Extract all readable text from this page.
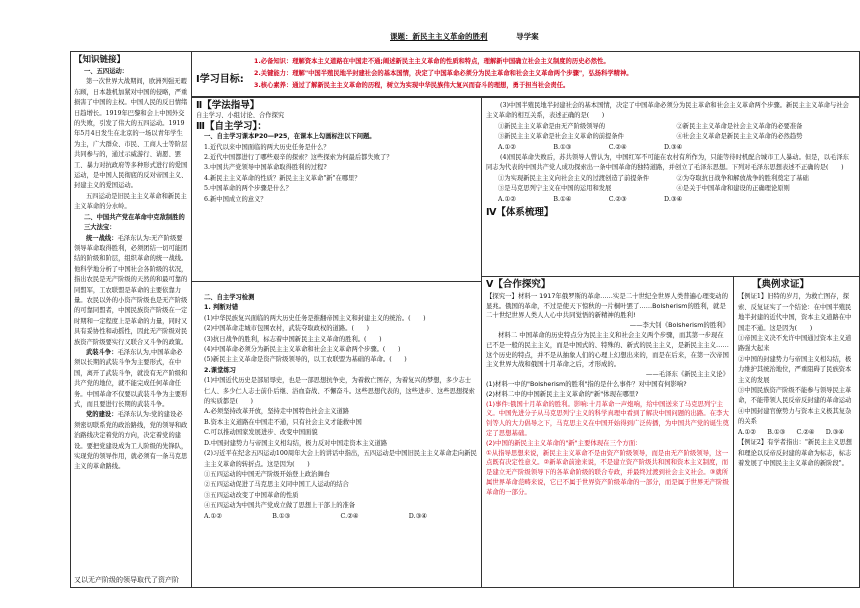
课题：新民主主义革命的胜利	导学案
【知识链接】
一、五四运动：
第一次世界大战期间，欧洲列强无暇东顾，日本趁机加紧对中国的侵略，严重损害了中国的主权。中国人民的反日情绪日趋增长。1919年巴黎和会上中国外交的失败，引发了伟大的五四运动。1919年5月4日发生在北京的一场以青年学生为主，广大群众、市民、工商人士等阶层共同参与的，通过示威游行、请愿、罢工、暴力对抗政府等多种形式进行的爱国运动，是中国人民彻底的反对帝国主义、封建主义的爱国运动。
五四运动是旧民主主义革命和新民主主义革命的分水岭。
二、中国共产党在革命中克敌制胜的三大法宝：
统一战线：毛泽东认为:无产阶级要领导革命取得胜利，必须团结一切可能团结的阶级和阶层，组织革命的统一战线。他科学地分析了中国社会各阶级的状况，指出农民是无产阶级的天然的和最可靠的同盟军，工农联盟是革命的主要依靠力量。农民以外的小资产阶级也是无产阶级的可靠同盟者，中国民族资产阶级在一定时期和一定程度上是革命的力量，同时又具有妥协性和动摇性，因此无产阶级对民族资产阶级要实行又联合又斗争的政策。
武装斗争：毛泽东认为,中国革命必须以长期的武装斗争为主要形式，在中国，离开了武装斗争，就没有无产阶级和共产党的地位，就不能完成任何革命任务。中国革命不仅要以武装斗争为主要形式，而且要进行长期的武装斗争。
党的建设：毛泽东认为:党的建设必须密切联系党的政治路线，党的领导和政治路线决定着党的方向，决定着党的建设。要把党建设成为工人阶级的先锋队，实现党的领导作用，就必须有一条马克思主义的革命路线。
又以无产阶级的领导取代了资产阶
Ⅰ学习目标:
1.必备知识：理解资本主义道路在中国走不通;阐述新民主主义革命的性质和特点，理解新中国确立社会主义制度的历史必然性。
2.关键能力：理解"中国半殖民地半封建社会的基本国情，决定了中国革命必须分为民主革命和社会主义革命两个步骤"，弘扬科学精神。
3.核心素养：通过了解新民主主义革命的历程，树立为实现中华民族伟大复兴而奋斗的理想，勇于担当社会责任。
Ⅱ【学法指导】
自主学习、小组讨论、合作探究
Ⅲ【自主学习】：
一、自主学习课本P20—P25，在课本上勾画标注以下问题。
1.近代以来中国面临的两大历史任务是什么？
2.近代中国都进行了哪些艰辛的探索？这些探索为何最后都失败了？
3.中国共产党领导中国革命取得胜利的过程?
4.新民主主义革命的性质？新民主主义革命"新"在哪里？
5.中国革命的两个步骤是什么？
6.新中国成立的意义？
二、自主学习检测
1. 判断对错
(1)中华民族复兴面临的两大历史任务是推翻帝国主义和封建主义的统治。(　　)
(2)中国革命走城市包围农村，武装夺取政权的道路。(　　)
(3)抗日战争的胜利，标志着中国新民主主义革命的胜利。(　　)
(4)中国革命必须分为新民主主义革命和社会主义革命两个步骤。(　　)
(5)新民主主义革命是资产阶级领导的，以工农联盟为基础的革命。(　　)
2.课堂练习
(1)中国近代历史是部屈辱史，也是一部思想抗争史，为着救亡图存，为着复兴的梦想，多少志士仁人、多少仁人志士前仆后继、浴血奋战、不懈奋斗。这些思想代表的，这些进步、这些思想探索的实质都是(　　)
A.必须坚持改革开放，坚持走中国特色社会主义道路
B.资本主义道路在中国走不通，只有社会主义才能救中国
C.可以推动国家发展进步、改变中国面貌
D.中国封建势力与帝国主义相勾结，极力反对中国走资本主义道路
(2)习近平在纪念五四运动100周年大会上的讲话中指出，五四运动是中国旧民主主义革命走向新民主主义革命的转折点。这是因为(　　)
①五四运动的中国无产阶级开始登上政治舞台
②五四运动促进了马克思主义同中国工人运动的结合
③五四运动改变了中国革命的性质
④五四运动为中国共产党成立做了思想上干部上的准备
A.①②	B.①③	C.②④	D.③④
(3)中国半殖民地半封建社会的基本国情，决定了中国革命必须分为民主革命和社会主义革命两个步骤。新民主主义革命与社会主义革命的相互关系，表述正确的是(　　)
①新民主主义革命是由无产阶级领导的	②新民主主义革命是社会主义革命的必要准备
③新民主主义革命是社会主义革命的前提条件	④社会主义革命是新民主主义革命的必然趋势
A.①②	B.①③	C.②④	D.③④
(4)国民革命失败后，苏共领导人曾认为，中国红军不可能在农村有所作为，只能等待时机配合城市工人暴动。但是，以毛泽东同志为代表的中国共产党人成功探索出一条中国革命的独特道路，并创立了毛泽东思想。下列对毛泽东思想表述不正确的是(　　)
①为实现新民主主义向社会主义的过渡创造了前提条件	②为夺取抗日战争和解放战争的胜利奠定了基础
③是马克思列宁主义在中国的运用和发展	④是关于中国革命和建设的正确理论原则
A.①②	B.①④	C.②③	D.③④
Ⅳ【体系梳理】
Ⅴ【合作探究】
【探究一】材料一 1917年俄罗斯的革命……实是二十世纪全世界人类普遍心理变动的显兆。俄国的革命，不过是使天下惊秋的一片桐叶罢了……Bolsherism的胜利，就是二十世纪世界人类人人心中共同觉悟的新精神的胜利!
——李大钊《Bolsherism的胜利》
材料二 中国革命的历史特点分为民主主义和社会主义两个步骤，而其第一步现在已不是一般的民主主义，而是中国式的、特殊的、新式的民主主义，是新民主主义……这个历史的特点，并不是从抽象人们的心理上幻想出来的，而是在后来，在第一次帝国主义世界大战和俄国十月革命之后，才形成的。
——毛泽东《新民主主义论》
(1)材料一中的"Bolsherism的胜利"指的是什么事件？对中国有何影响?
(2)材料二中的中国新民主主义革命的"新"体现在哪里?
(1)事件:俄国十月革命的胜利。影响:十月革命一声炮响，给中国送来了马克思列宁主义。中国先进分子从马克思列宁主义的科学真理中看到了解决中国问题的出路。在李大钊等人的大力倡导之下，马克思主义在中国开始得到广泛传播，为中国共产党的诞生奠定了思想基础。
(2)中国的新民主主义革命的"新"主要体现在三个方面：
①从指导思想来说，新民主主义革命不是由资产阶级领导，而是由无产阶级领导，这一点既有决定性意义。②新革命前途来说，不是建立资产阶级共和国和资本主义制度，而是建立无产阶级领导下的各革命阶级的联合专政，并最终过渡到社会主义社会。③就所属世界革命范畴来说，它已不属于世界资产阶级革命的一部分，而是属于世界无产阶级革命的一部分。
【典例求证】
【例证1】旧特的岁月，为救亡图存，探索、反复证实了一个结论：在中国半殖民地半封建的近代中国，资本主义道路在中国走不通。这是因为(　　)
①帝国主义决不允许中国通过资本主义道路强大起来
②中国的封建势力与帝国主义相勾结，极力维护其统治地位，严重阻碍了民族资本主义的发展
③中国民族资产阶级不能参与领导民主革命，不能带领人民反帝反封建的革命运动
④中国封建官僚势力与资本主义极其复杂的关系
A.①②	B.①③	C.②④	D.③④
【例证2】有学者指出："新民主主义思想和理论以反帝反封建的革命为标志，标志着发展了中国民主主义革命的新阶段"。
